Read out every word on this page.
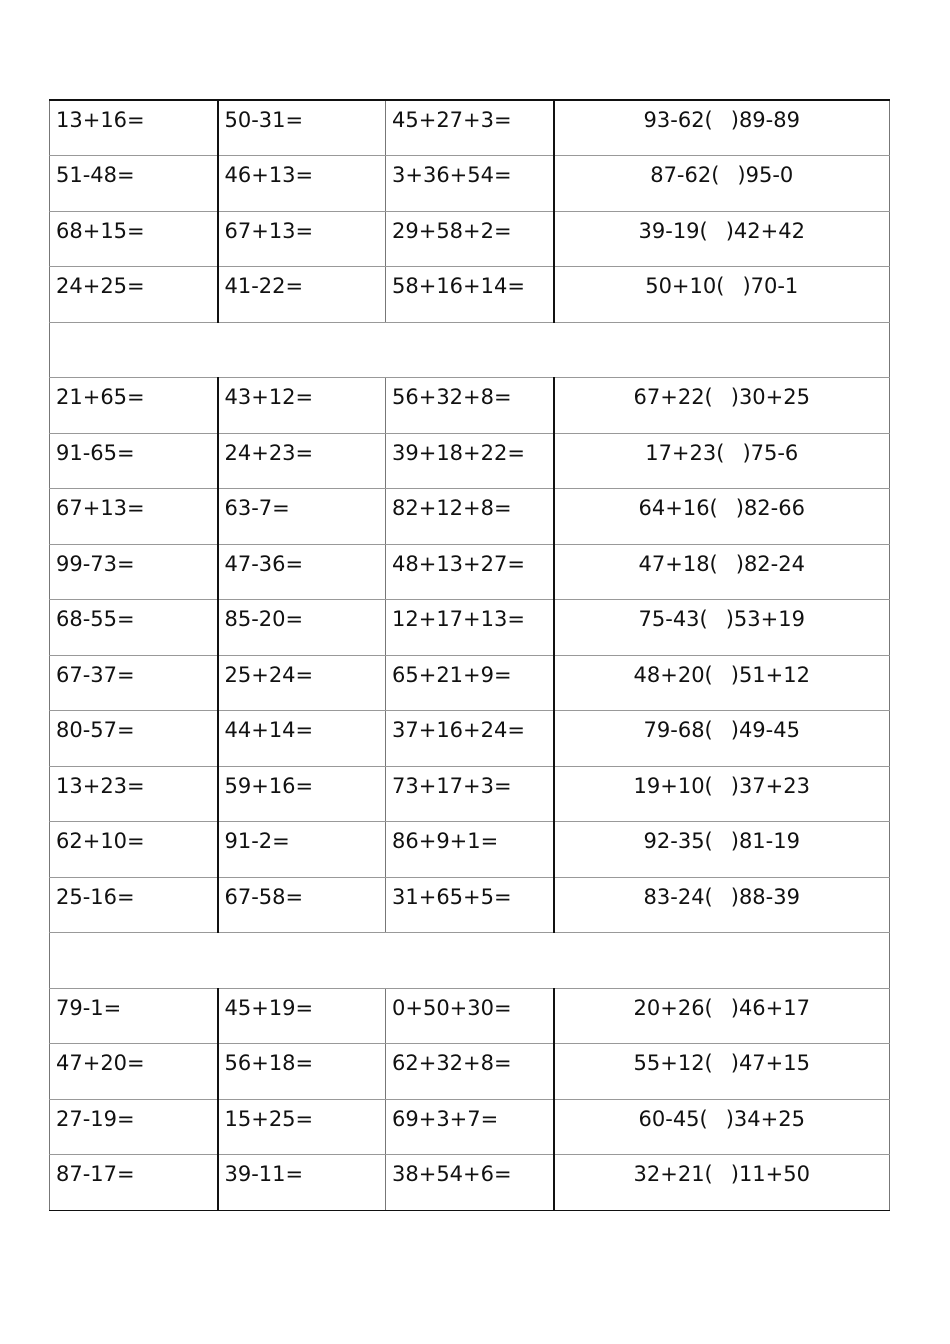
13+16=	50-31=	45+27+3=	93-62( )89-89
51-48=	46+13=	3+36+54=	87-62( )95-0
68+15=	67+13=	29+58+2=	39-19( )42+42
24+25=	41-22=	58+16+14=	50+10( )70-1

21+65=	43+12=	56+32+8=	67+22( )30+25
91-65=	24+23=	39+18+22=	17+23( )75-6
67+13=	63-7=	82+12+8=	64+16( )82-66
99-73=	47-36=	48+13+27=	47+18( )82-24
68-55=	85-20=	12+17+13=	75-43( )53+19
67-37=	25+24=	65+21+9=	48+20( )51+12
80-57=	44+14=	37+16+24=	79-68( )49-45
13+23=	59+16=	73+17+3=	19+10( )37+23
62+10=	91-2=	86+9+1=	92-35( )81-19
25-16=	67-58=	31+65+5=	83-24( )88-39

79-1=	45+19=	0+50+30=	20+26( )46+17
47+20=	56+18=	62+32+8=	55+12( )47+15
27-19=	15+25=	69+3+7=	60-45( )34+25
87-17=	39-11=	38+54+6=	32+21( )11+50
